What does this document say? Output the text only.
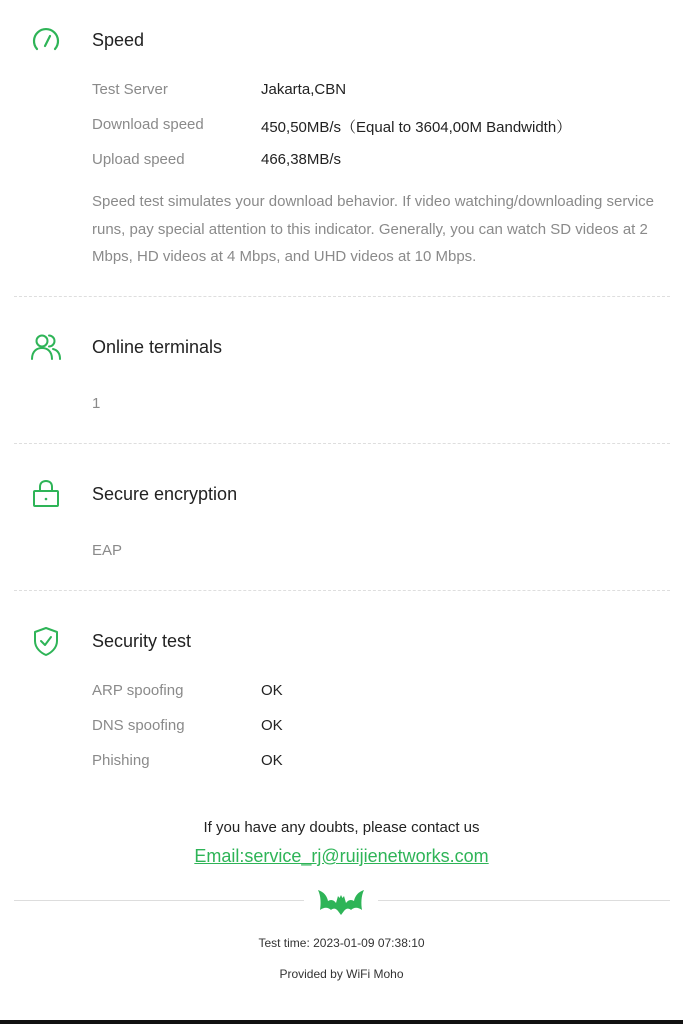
Speed
Test Server	Jakarta,CBN
Download speed	450,50MB/s（Equal to 3604,00M Bandwidth）
Upload speed	466,38MB/s
Speed test simulates your download behavior. If video watching/downloading service runs, pay special attention to this indicator. Generally, you can watch SD videos at 2 Mbps, HD videos at 4 Mbps, and UHD videos at 10 Mbps.
Online terminals
1
Secure encryption
EAP
Security test
ARP spoofing	OK
DNS spoofing	OK
Phishing	OK
If you have any doubts, please contact us
Email:service_rj@ruijienetworks.com
Test time: 2023-01-09 07:38:10
Provided by WiFi Moho
